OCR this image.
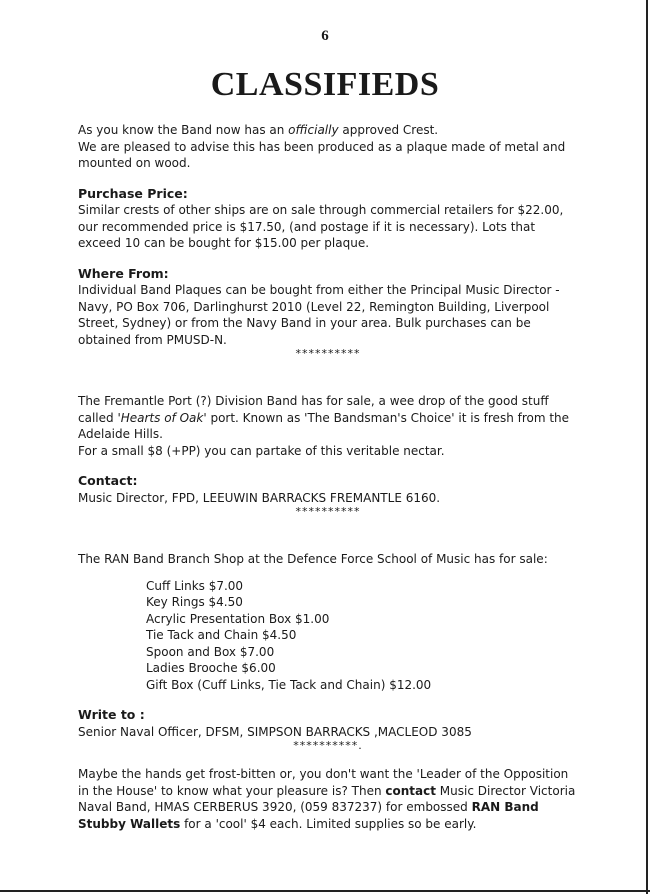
6
CLASSIFIEDS

As you know the Band now has an officially approved Crest.

We are pleased to advise this has been produced as a plaque made of metal and mounted on wood.

Purchase Price:

Similar crests of other ships are on sale through commercial retailers for $22.00, our recommended price is $17.50, (and postage if it is necessary). Lots that exceed 10 can be bought for $15.00 per plaque.

Where From:

Individual Band Plaques can be bought from either the Principal Music Director - Navy, PO Box 706, Darlinghurst 2010 (Level 22, Remington Building, Liverpool Street, Sydney) or from the Navy Band in your area. Bulk purchases can be obtained from PMUSD-N.

**********

The Fremantle Port (?) Division Band has for sale, a wee drop of the good stuff called 'Hearts of Oak' port. Known as 'The Bandsman's Choice' it is fresh from the Adelaide Hills.

For a small $8 (+PP) you can partake of this veritable nectar.

Contact:

Music Director, FPD, LEEUWIN BARRACKS FREMANTLE 6160.

**********

The RAN Band Branch Shop at the Defence Force School of Music has for sale:

Cuff Links $7.00
Key Rings $4.50
Acrylic Presentation Box $1.00
Tie Tack and Chain $4.50
Spoon and Box $7.00
Ladies Brooche $6.00
Gift Box (Cuff Links, Tie Tack and Chain) $12.00

Write to :

Senior Naval Officer, DFSM, SIMPSON BARRACKS ,MACLEOD 3085

**********.

Maybe the hands get frost-bitten or, you don't want the 'Leader of the Opposition in the House' to know what your pleasure is? Then contact Music Director Victoria Naval Band, HMAS CERBERUS 3920, (059 837237) for embossed RAN Band Stubby Wallets for a 'cool' $4 each. Limited supplies so be early.
